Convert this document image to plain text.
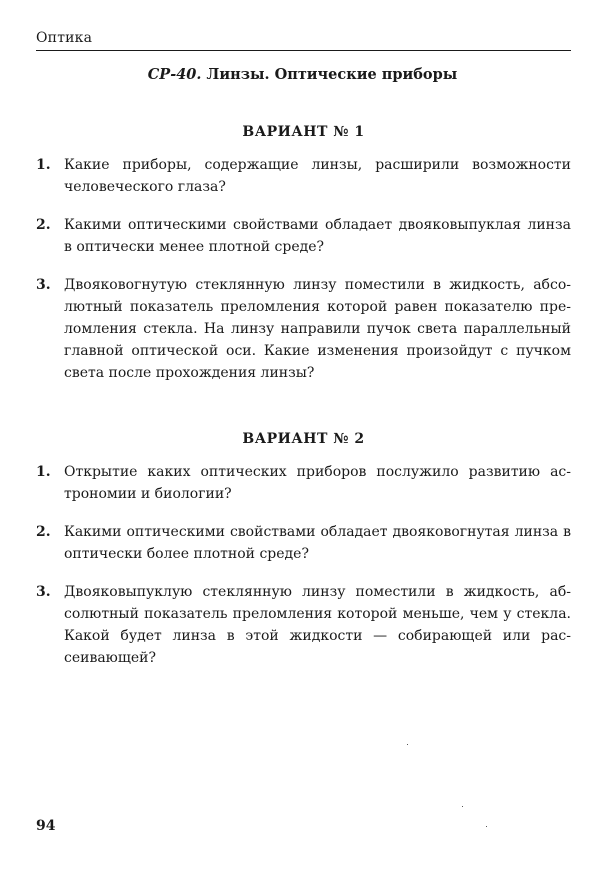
Оптика
СР-40. Линзы. Оптические приборы
ВАРИАНТ № 1
1. Какие приборы, содержащие линзы, расширили возможности человеческого глаза?
2. Какими оптическими свойствами обладает двояковыпуклая линза в оптически менее плотной среде?
3. Двояковогнутую стеклянную линзу поместили в жидкость, абсолютный показатель преломления которой равен показателю преломления стекла. На линзу направили пучок света параллельный главной оптической оси. Какие изменения произойдут с пучком света после прохождения линзы?
ВАРИАНТ № 2
1. Открытие каких оптических приборов послужило развитию астрономии и биологии?
2. Какими оптическими свойствами обладает двояковогнутая линза в оптически более плотной среде?
3. Двояковыпуклую стеклянную линзу поместили в жидкость, абсолютный показатель преломления которой меньше, чем у стекла. Какой будет линза в этой жидкости — собирающей или рассеивающей?
94
